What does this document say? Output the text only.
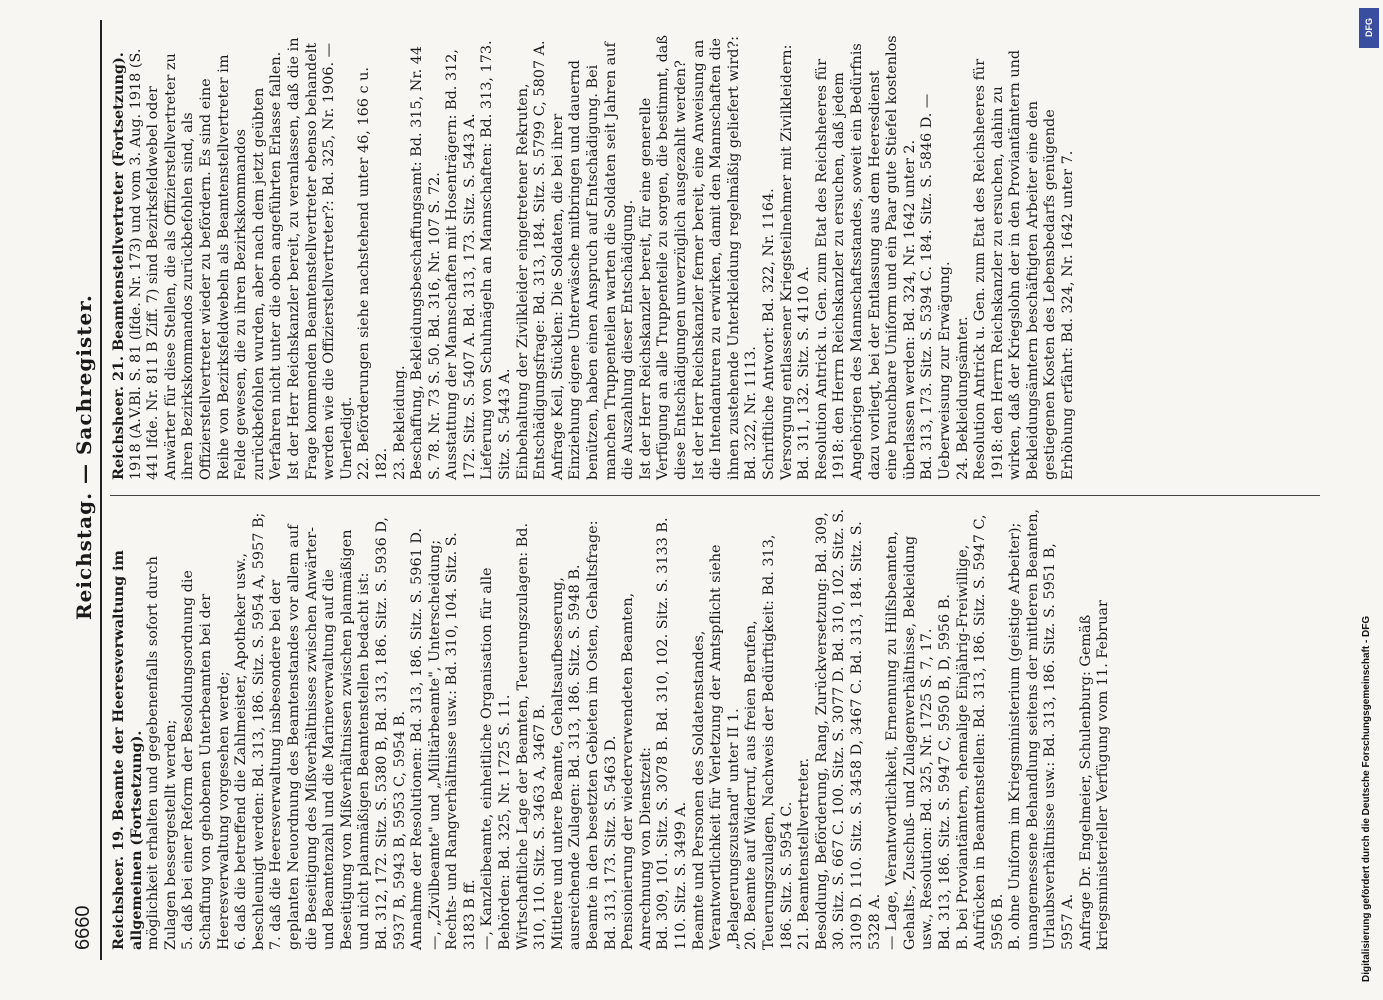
6660
Reichstag. — Sachregister.

Reichsheer. 19. Beamte der Heeresverwaltung im allgemeinen (Fortsetzung). möglichkeit erhalten und gegebenenfalls sofort durch Zulagen bessergestellt werden; 5. daß bei einer Reform der Besoldungsordnung die Schaffung von gehobenen Unterbeamten bei der Heeresverwaltung vorgesehen werde; 6. daß die betreffend die Zahlmeister, Apotheker usw., beschleunigt werden: Bd. 313, 186. Sitz. S. 5954 A, 5957 B; 7. daß die Heeresverwaltung insbesondere bei der geplanten Neuordnung des Beamtenstandes vor allem auf die Beseitigung des Mißverhältnisses zwischen Anwärter- und Beamtenzahl und die Marineverwaltung auf die Beseitigung von Mißverhältnissen zwischen planmäßigen und nicht planmäßigen Beamtenstellen bedacht ist: Bd. 312, 172. Sitz. S. 5380 B, Bd. 313, 186. Sitz. S. 5936 D, 5937 B, 5943 B, 5953 C, 5954 B. Annahme der Resolutionen: Bd. 313, 186. Sitz. S. 5961 D. —, „Zivilbeamte" und „Militärbeamte", Unterscheidung; Rechts- und Rangverhältnisse usw.: Bd. 310, 104. Sitz. S. 3183 B ff. —, Kanzleibeamte, einheitliche Organisation für alle Behörden: Bd. 325, Nr. 1725 S. 11. Wirtschaftliche Lage der Beamten, Teuerungszulagen: Bd. 310, 110. Sitz. S. 3463 A, 3467 B. Mittlere und untere Beamte, Gehaltsaufbesserung, ausreichende Zulagen: Bd. 313, 186. Sitz. S. 5948 B. Beamte in den besetzten Gebieten im Osten, Gehaltsfrage: Bd. 313, 173. Sitz. S. 5463 D. Pensionierung der wiederverwendeten Beamten, Anrechnung von Dienstzeit: Bd. 309, 101. Sitz. S. 3078 B. Bd. 310, 102. Sitz. S. 3133 B. 110. Sitz. S. 3499 A. Beamte und Personen des Soldatenstandes, Verantwortlichkeit für Verletzung der Amtspflicht siehe „Belagerungszustand" unter II 1. 20. Beamte auf Widerruf, aus freien Berufen, Teuerungszulagen, Nachweis der Bedürftigkeit: Bd. 313, 186. Sitz. S. 5954 C. 21. Beamtenstellvertreter. Besoldung, Beförderung, Rang, Zurückversetzung: Bd. 309, 30. Sitz. S. 667 C. 100. Sitz. S. 3077 D. Bd. 310, 102. Sitz. S. 3109 D. 110. Sitz. S. 3458 D, 3467 C. Bd. 313, 184. Sitz. S. 5328 A. — Lage, Verantwortlichkeit, Ernennung zu Hilfsbeamten, Gehalts-, Zuschuß- und Zulagenverhältnisse, Bekleidung usw., Resolution: Bd. 325, Nr. 1725 S. 7, 17. Bd. 313, 186. Sitz. S. 5947 C, 5950 B, D, 5956 B. B. bei Proviantämtern, ehemalige Einjährig-Freiwillige, Aufrücken in Beamtenstellen: Bd. 313, 186. Sitz. S. 5947 C, 5956 B. B. ohne Uniform im Kriegsministerium (geistige Arbeiter); unangemessene Behandlung seitens der mittleren Beamten, Urlaubsverhältnisse usw.: Bd. 313, 186. Sitz. S. 5951 B, 5957 A. Anfrage Dr. Engelmeier, Schulenburg: Gemäß kriegsministerieller Verfügung vom 11. Februar

Reichsheer. 21. Beamtenstellvertreter (Fortsetzung). 1918 (A.V.Bl. S. 81 (lfde. Nr. 173) und vom 3. Aug. 1918 (S. 441 lfde. Nr. 811 B Ziff. 7) sind Bezirksfeldwebel oder Anwärter für diese Stellen, die als Offizierstellvertreter zu ihren Bezirkskommandos zurückbefohlen sind, als Offizierstellvertreter wieder zu befördern. Es sind eine Reihe von Bezirksfeldwebeln als Beamtenstellvertreter im Felde gewesen, die zu ihren Bezirkskommandos zurückbefohlen wurden, aber nach dem jetzt geübten Verfahren nicht unter die oben angeführten Erlasse fallen. Ist der Herr Reichskanzler bereit, zu veranlassen, daß die in Frage kommenden Beamtenstellvertreter ebenso behandelt werden wie die Offizierstellvertreter?: Bd. 325, Nr. 1906. — Unerledigt. 22. Beförderungen siehe nachstehend unter 46, 166 c u. 182. 23. Bekleidung. Beschaffung, Bekleidungsbeschaffungsamt: Bd. 315, Nr. 44 S. 78. Nr. 73 S. 50. Bd. 316, Nr. 107 S. 72. Ausstattung der Mannschaften mit Hosenträgern: Bd. 312, 172. Sitz. S. 5407 A. Bd. 313, 173. Sitz. S. 5443 A. Lieferung von Schuhnägeln an Mannschaften: Bd. 313, 173. Sitz. S. 5443 A. Einbehaltung der Zivilkleider eingetretener Rekruten, Entschädigungsfrage: Bd. 313, 184. Sitz. S. 5799 C, 5807 A. Anfrage Keil, Stücklen: Die Soldaten, die bei ihrer Einziehung eigene Unterwäsche mitbringen und dauernd benützen, haben einen Anspruch auf Entschädigung. Bei manchen Truppenteilen warten die Soldaten seit Jahren auf die Auszahlung dieser Entschädigung. Ist der Herr Reichskanzler bereit, für eine generelle Verfügung an alle Truppenteile zu sorgen, die bestimmt, daß diese Entschädigungen unverzüglich ausgezahlt werden? Ist der Herr Reichskanzler ferner bereit, eine Anweisung an die Intendanturen zu erwirken, damit den Mannschaften die ihnen zustehende Unterkleidung regelmäßig geliefert wird?: Bd. 322, Nr. 1113. Schriftliche Antwort: Bd. 322, Nr. 1164. Versorgung entlassener Kriegsteilnehmer mit Zivilkleidern: Bd. 311, 132. Sitz. S. 4110 A. Resolution Antrick u. Gen. zum Etat des Reichsheeres für 1918: den Herrn Reichskanzler zu ersuchen, daß jedem Angehörigen des Mannschaftsstandes, soweit ein Bedürfnis dazu vorliegt, bei der Entlassung aus dem Heeresdienst eine brauchbare Uniform und ein Paar gute Stiefel kostenlos überlassen werden: Bd. 324, Nr. 1642 unter 2. Bd. 313, 173. Sitz. S. 5394 C. 184. Sitz. S. 5846 D. — Ueberweisung zur Erwägung. 24. Bekleidungsämter. Resolution Antrick u. Gen. zum Etat des Reichsheeres für 1918: den Herrn Reichskanzler zu ersuchen, dahin zu wirken, daß der Kriegslohn der in den Proviantämtern und Bekleidungsämtern beschäftigten Arbeiter eine den gestiegenen Kosten des Lebensbedarfs genügende Erhöhung erfährt: Bd. 324, Nr. 1642 unter 7.

DFG
Digitalisierung gefördert durch die Deutsche Forschungsgemeinschaft - DFG
